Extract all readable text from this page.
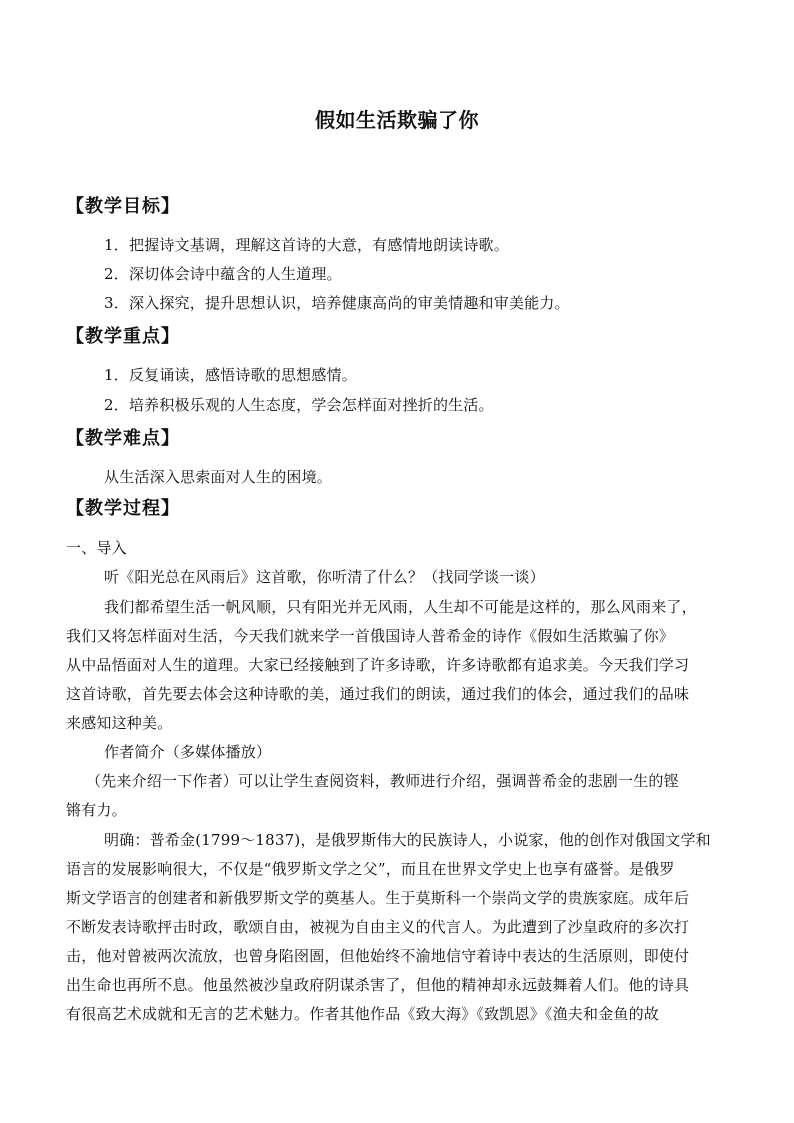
假如生活欺骗了你
【教学目标】
1．把握诗文基调，理解这首诗的大意，有感情地朗读诗歌。
2．深切体会诗中蕴含的人生道理。
3．深入探究，提升思想认识，培养健康高尚的审美情趣和审美能力。
【教学重点】
1．反复诵读，感悟诗歌的思想感情。
2．培养积极乐观的人生态度，学会怎样面对挫折的生活。
【教学难点】
从生活深入思索面对人生的困境。
【教学过程】
一、导入
听《阳光总在风雨后》这首歌，你听清了什么？（找同学谈一谈）
我们都希望生活一帆风顺，只有阳光并无风雨，人生却不可能是这样的，那么风雨来了，
我们又将怎样面对生活，今天我们就来学一首俄国诗人普希金的诗作《假如生活欺骗了你》
从中品悟面对人生的道理。大家已经接触到了许多诗歌，许多诗歌都有追求美。今天我们学习
这首诗歌，首先要去体会这种诗歌的美，通过我们的朗读，通过我们的体会，通过我们的品味
来感知这种美。
作者简介（多媒体播放）
（先来介绍一下作者）可以让学生查阅资料，教师进行介绍，强调普希金的悲剧一生的铿
锵有力。
明确：普希金(1799～1837)，是俄罗斯伟大的民族诗人，小说家，他的创作对俄国文学和
语言的发展影响很大，不仅是“俄罗斯文学之父”，而且在世界文学史上也享有盛誉。是俄罗
斯文学语言的创建者和新俄罗斯文学的奠基人。生于莫斯科一个崇尚文学的贵族家庭。成年后
不断发表诗歌抨击时政，歌颂自由，被视为自由主义的代言人。为此遭到了沙皇政府的多次打
击，他对曾被两次流放，也曾身陷囹圄，但他始终不渝地信守着诗中表达的生活原则，即使付
出生命也再所不息。他虽然被沙皇政府阴谋杀害了，但他的精神却永远鼓舞着人们。他的诗具
有很高艺术成就和无言的艺术魅力。作者其他作品《致大海》《致凯恩》《渔夫和金鱼的故
